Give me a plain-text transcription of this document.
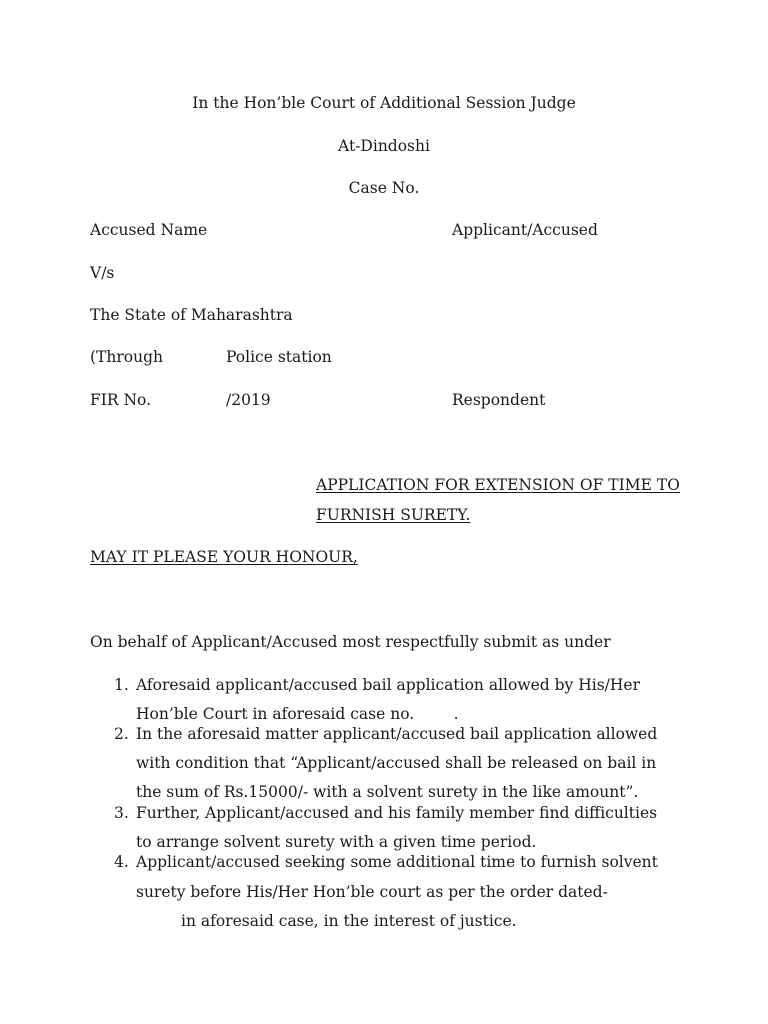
In the Hon’ble Court of Additional Session Judge
At-Dindoshi
Case No.
Accused Name	Applicant/Accused
V/s
The State of Maharashtra
(Through	Police station
FIR No.	/2019	Respondent
APPLICATION FOR EXTENSION OF TIME TO
FURNISH SURETY.
MAY IT PLEASE YOUR HONOUR,
On behalf of Applicant/Accused most respectfully submit as under
1. Aforesaid applicant/accused bail application allowed by His/Her
Hon’ble Court in aforesaid case no.        .
2. In the aforesaid matter applicant/accused bail application allowed
with condition that “Applicant/accused shall be released on bail in
the sum of Rs.15000/- with a solvent surety in the like amount”.
3. Further, Applicant/accused and his family member find difficulties
to arrange solvent surety with a given time period.
4. Applicant/accused seeking some additional time to furnish solvent
surety before His/Her Hon’ble court as per the order dated-
in aforesaid case, in the interest of justice.
